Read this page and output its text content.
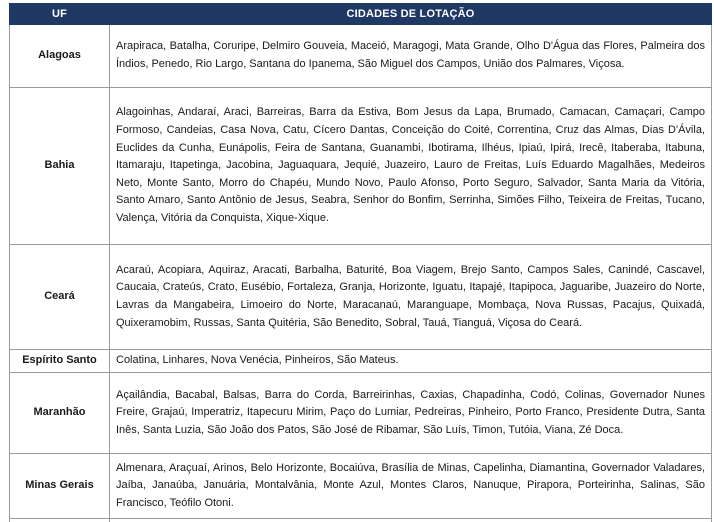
UF	CIDADES DE LOTAÇÃO
Alagoas	Arapiraca, Batalha, Coruripe, Delmiro Gouveia, Maceió, Maragogi, Mata Grande, Olho D'Água das Flores, Palmeira dos Índios, Penedo, Rio Largo, Santana do Ipanema, São Miguel dos Campos, União dos Palmares, Viçosa.
Bahia	Alagoinhas, Andaraí, Araci, Barreiras, Barra da Estiva, Bom Jesus da Lapa, Brumado, Camacan, Camaçari, Campo Formoso, Candeias, Casa Nova, Catu, Cícero Dantas, Conceição do Coité, Correntina, Cruz das Almas, Dias D'Ávila, Euclides da Cunha, Eunápolis, Feira de Santana, Guanambi, Ibotirama, Ilhéus, Ipiaú, Ipirá, Irecê, Itaberaba, Itabuna, Itamaraju, Itapetinga, Jacobina, Jaguaquara, Jequié, Juazeiro, Lauro de Freitas, Luís Eduardo Magalhães, Medeiros Neto, Monte Santo, Morro do Chapéu, Mundo Novo, Paulo Afonso, Porto Seguro, Salvador, Santa Maria da Vitória, Santo Amaro, Santo Antônio de Jesus, Seabra, Senhor do Bonfim, Serrinha, Simões Filho, Teixeira de Freitas, Tucano, Valença, Vitória da Conquista, Xique-Xique.
Ceará	Acaraú, Acopiara, Aquiraz, Aracati, Barbalha, Baturité, Boa Viagem, Brejo Santo, Campos Sales, Canindé, Cascavel, Caucaia, Crateús, Crato, Eusébio, Fortaleza, Granja, Horizonte, Iguatu, Itapajé, Itapipoca, Jaguaribe, Juazeiro do Norte, Lavras da Mangabeira, Limoeiro do Norte, Maracanaú, Maranguape, Mombaça, Nova Russas, Pacajus, Quixadá, Quixeramobim, Russas, Santa Quitéria, São Benedito, Sobral, Tauá, Tianguá, Viçosa do Ceará.
Espírito Santo	Colatina, Linhares, Nova Venécia, Pinheiros, São Mateus.
Maranhão	Açailândia, Bacabal, Balsas, Barra do Corda, Barreirinhas, Caxias, Chapadinha, Codó, Colinas, Governador Nunes Freire, Grajaú, Imperatriz, Itapecuru Mirim, Paço do Lumiar, Pedreiras, Pinheiro, Porto Franco, Presidente Dutra, Santa Inês, Santa Luzia, São João dos Patos, São José de Ribamar, São Luís, Timon, Tutóia, Viana, Zé Doca.
Minas Gerais	Almenara, Araçuaí, Arinos, Belo Horizonte, Bocaiúva, Brasília de Minas, Capelinha, Diamantina, Governador Valadares, Jaíba, Janaúba, Januária, Montalvânia, Monte Azul, Montes Claros, Nanuque, Pirapora, Porteirinha, Salinas, São Francisco, Teófilo Otoni.
